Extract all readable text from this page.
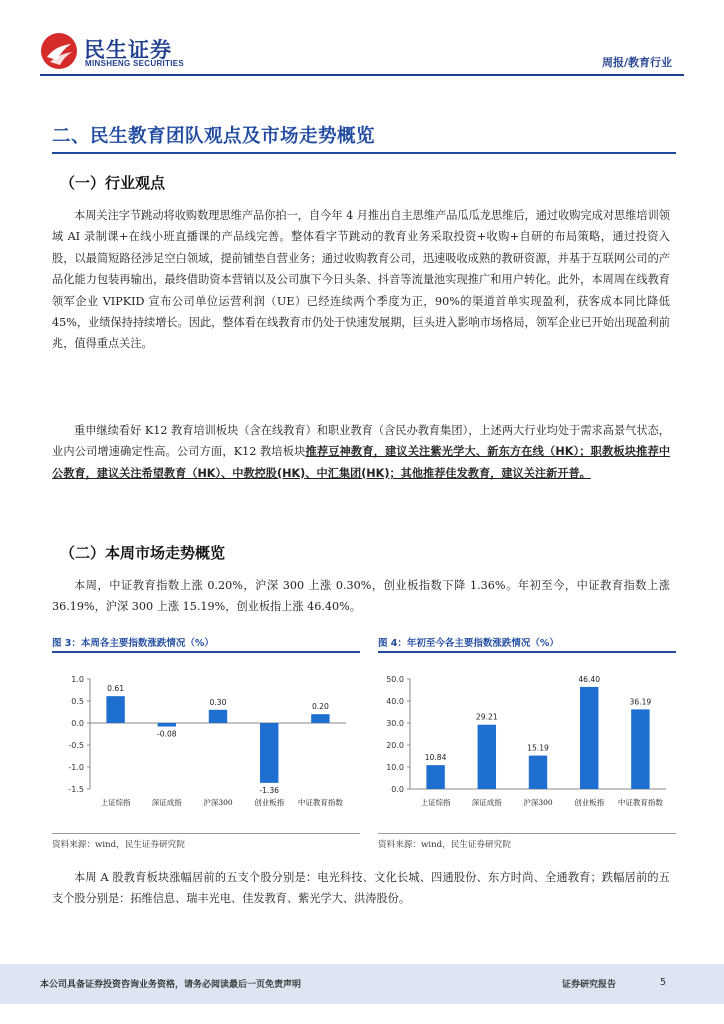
民生证券
MINSHENG SECURITIES	周报/教育行业
二、民生教育团队观点及市场走势概览
（一）行业观点
本周关注字节跳动将收购数理思维产品你拍一，自今年 4 月推出自主思维产品瓜瓜龙思维后，通过收购完成对思维培训领域 AI 录制课+在线小班直播课的产品线完善。整体看字节跳动的教育业务采取投资+收购+自研的布局策略，通过投资入股，以最简短路径涉足空白领域，提前铺垫自营业务；通过收购教育公司，迅速吸收成熟的教研资源，并基于互联网公司的产品化能力包装再输出，最终借助资本营销以及公司旗下今日头条、抖音等流量池实现推广和用户转化。此外，本周周在线教育领军企业 VIPKID 宣布公司单位运营利润（UE）已经连续两个季度为正，90%的渠道首单实现盈利，获客成本同比降低 45%，业绩保持持续增长。因此，整体看在线教育市仍处于快速发展期，巨头进入影响市场格局，领军企业已开始出现盈利前兆，值得重点关注。
重申继续看好 K12 教育培训板块（含在线教育）和职业教育（含民办教育集团），上述两大行业均处于需求高景气状态，业内公司增速确定性高。公司方面，K12 教培板块推荐豆神教育，建议关注紫光学大、新东方在线（HK）；职教板块推荐中公教育，建议关注希望教育（HK）、中教控股(HK)、中汇集团(HK)；其他推荐佳发教育，建议关注新开普。
（二）本周市场走势概览
本周，中证教育指数上涨 0.20%，沪深 300 上涨 0.30%，创业板指数下降 1.36%。年初至今，中证教育指数上涨 36.19%，沪深 300 上涨 15.19%，创业板指上涨 46.40%。
图 3：本周各主要指数涨跌情况（%）
1.0
0.5
0.0
-0.5
-1.0
-1.5
0.61
上证综指
-0.08
深证成指
0.30
沪深300
-1.36
创业板指
0.20
中证教育指数
资料来源：wind，民生证券研究院
图 4：年初至今各主要指数涨跌情况（%）
50.0
40.0
30.0
20.0
10.0
0.0
10.84
上证综指
29.21
深证成指
15.19
沪深300
46.40
创业板指
36.19
中证教育指数
资料来源：wind，民生证券研究院
本周 A 股教育板块涨幅居前的五支个股分别是：电光科技、文化长城、四通股份、东方时尚、全通教育；跌幅居前的五支个股分别是：拓维信息、瑞丰光电、佳发教育、紫光学大、洪涛股份。
本公司具备证券投资咨询业务资格，请务必阅读最后一页免责声明	证券研究报告	5
